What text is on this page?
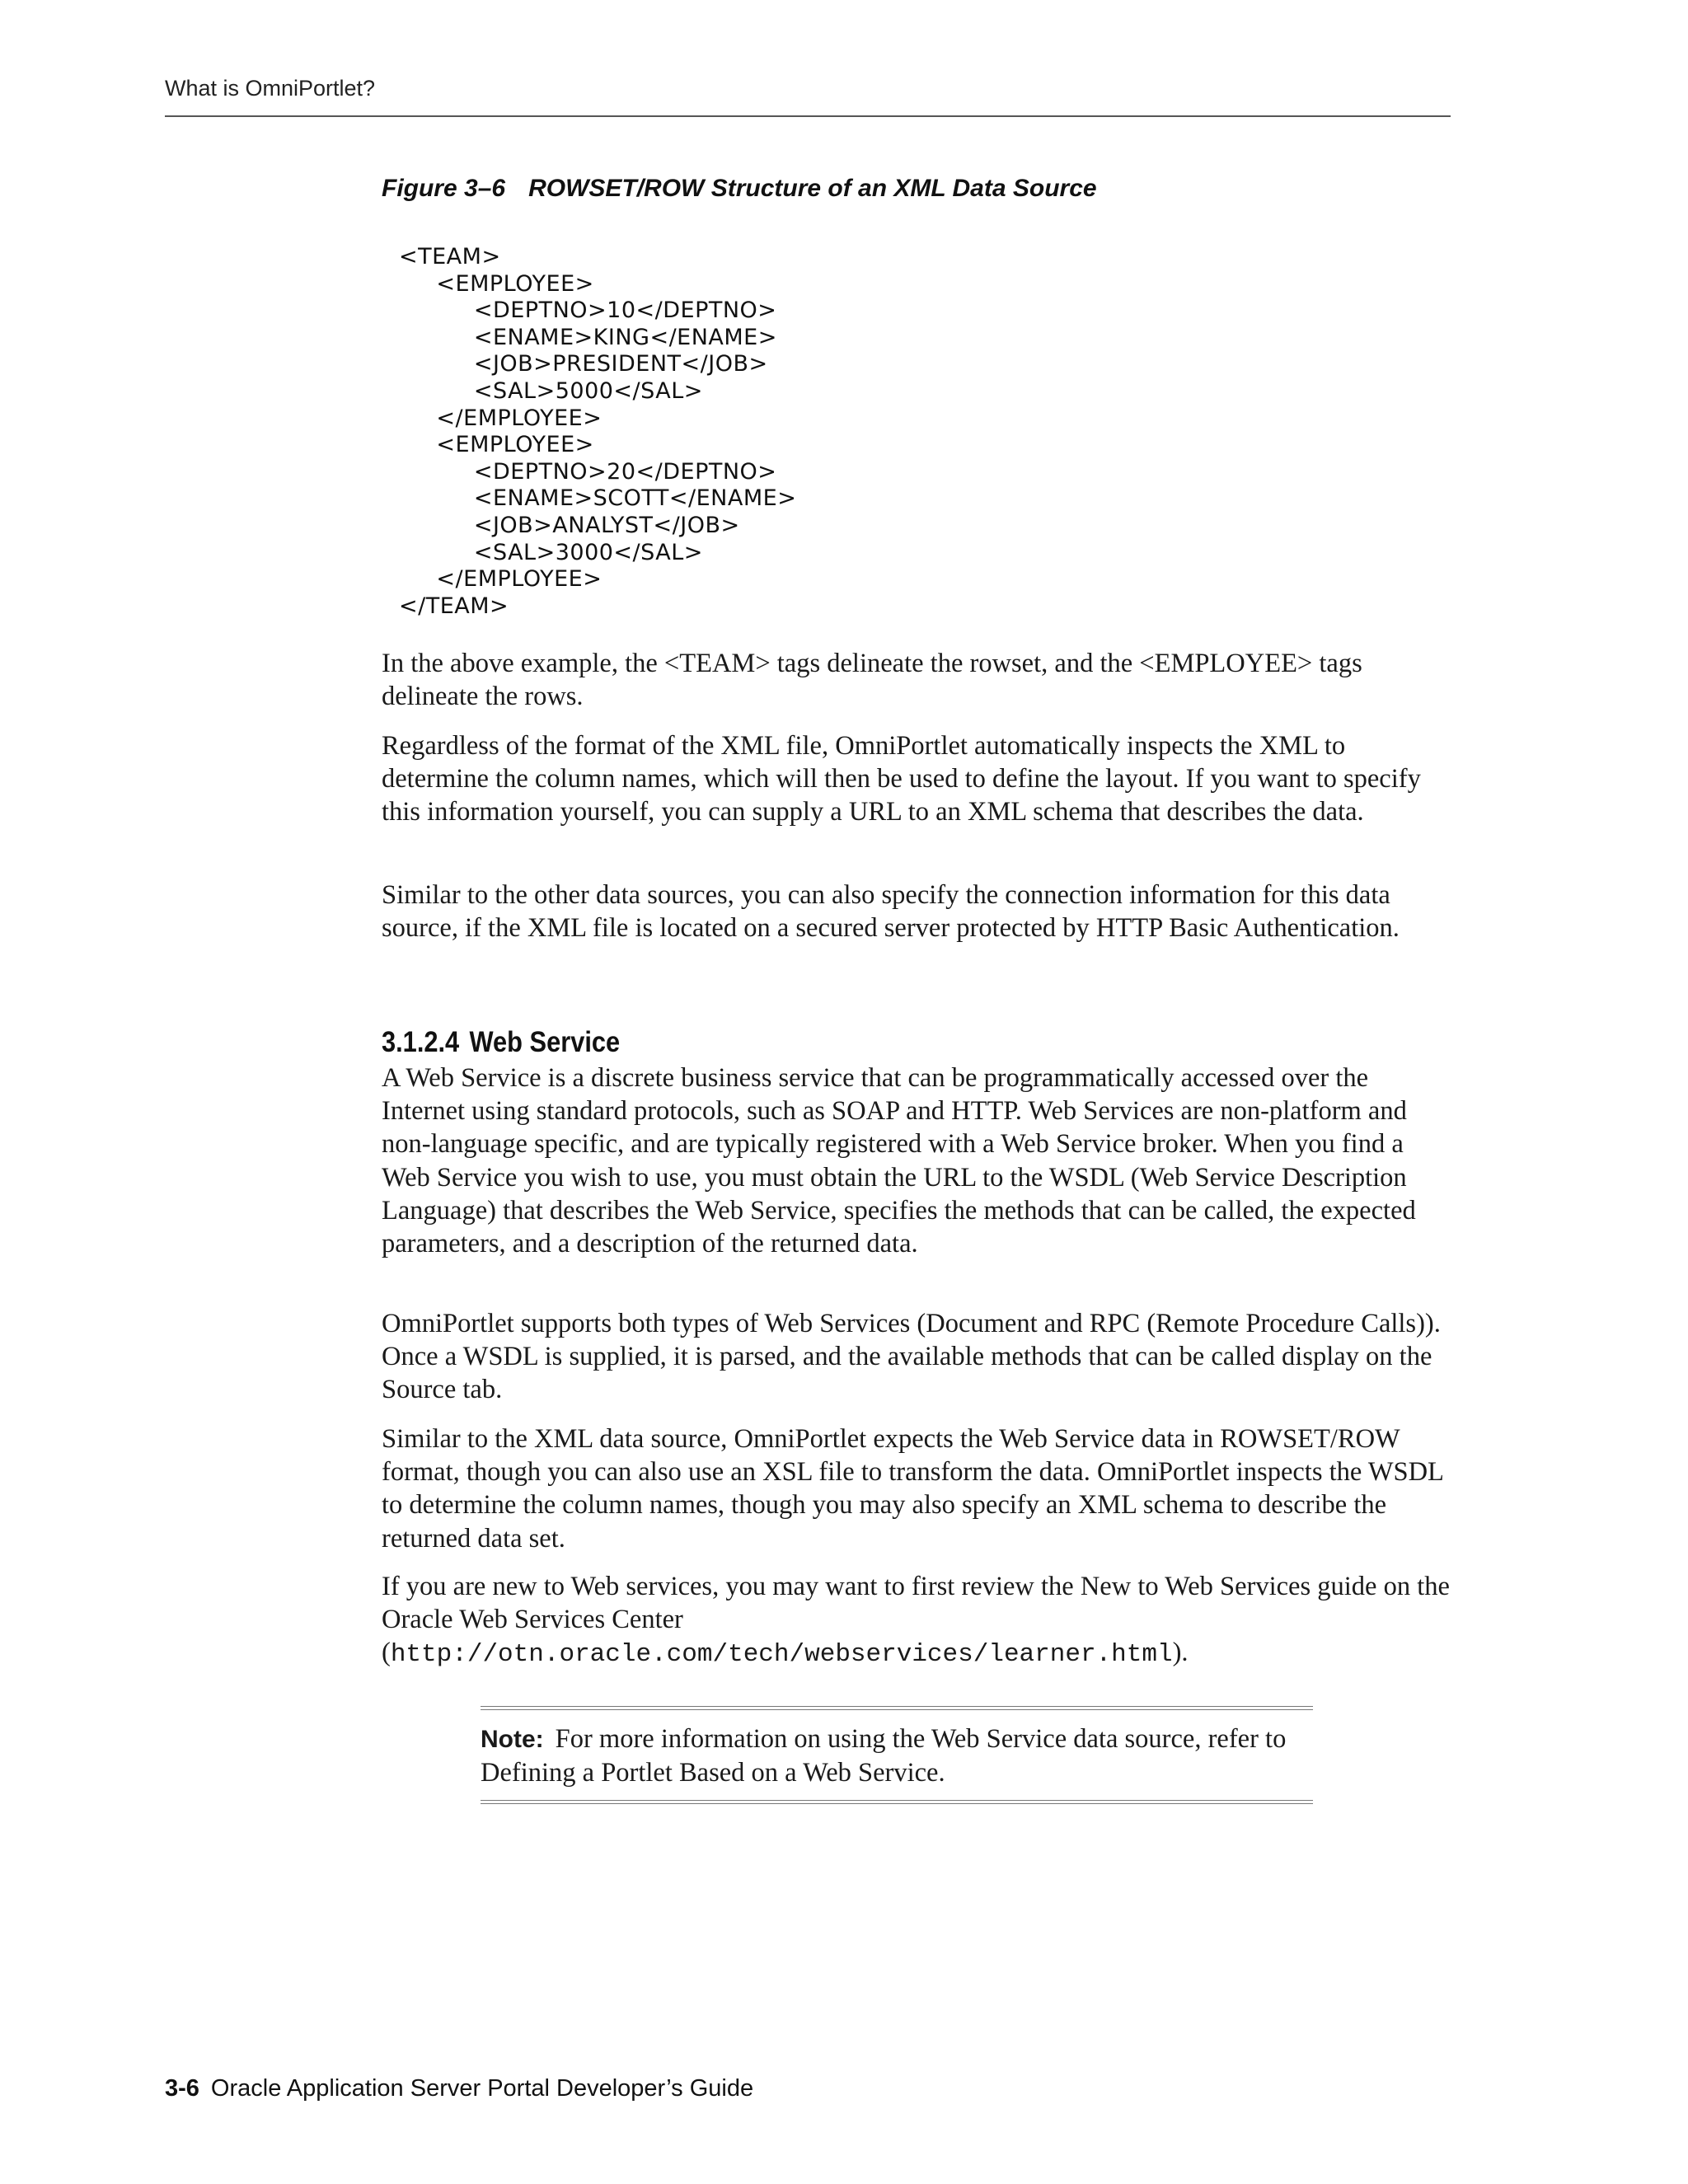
What is OmniPortlet?
Figure 3–6 ROWSET/ROW Structure of an XML Data Source
<TEAM>
<EMPLOYEE>
<DEPTNO>10</DEPTNO>
<ENAME>KING</ENAME>
<JOB>PRESIDENT</JOB>
<SAL>5000</SAL>
</EMPLOYEE>
<EMPLOYEE>
<DEPTNO>20</DEPTNO>
<ENAME>SCOTT</ENAME>
<JOB>ANALYST</JOB>
<SAL>3000</SAL>
</EMPLOYEE>
</TEAM>

In the above example, the <TEAM> tags delineate the rowset, and the <EMPLOYEE> tags delineate the rows.

Regardless of the format of the XML file, OmniPortlet automatically inspects the XML to determine the column names, which will then be used to define the layout. If you want to specify this information yourself, you can supply a URL to an XML schema that describes the data.

Similar to the other data sources, you can also specify the connection information for this data source, if the XML file is located on a secured server protected by HTTP Basic Authentication.

3.1.2.4 Web Service

A Web Service is a discrete business service that can be programmatically accessed over the Internet using standard protocols, such as SOAP and HTTP. Web Services are non-platform and non-language specific, and are typically registered with a Web Service broker. When you find a Web Service you wish to use, you must obtain the URL to the WSDL (Web Service Description Language) that describes the Web Service, specifies the methods that can be called, the expected parameters, and a description of the returned data.

OmniPortlet supports both types of Web Services (Document and RPC (Remote Procedure Calls)). Once a WSDL is supplied, it is parsed, and the available methods that can be called display on the Source tab.

Similar to the XML data source, OmniPortlet expects the Web Service data in ROWSET/ROW format, though you can also use an XSL file to transform the data. OmniPortlet inspects the WSDL to determine the column names, though you may also specify an XML schema to describe the returned data set.

If you are new to Web services, you may want to first review the New to Web Services guide on the Oracle Web Services Center (http://otn.oracle.com/tech/webservices/learner.html).

Note: For more information on using the Web Service data source, refer to Defining a Portlet Based on a Web Service.

3-6 Oracle Application Server Portal Developer’s Guide
